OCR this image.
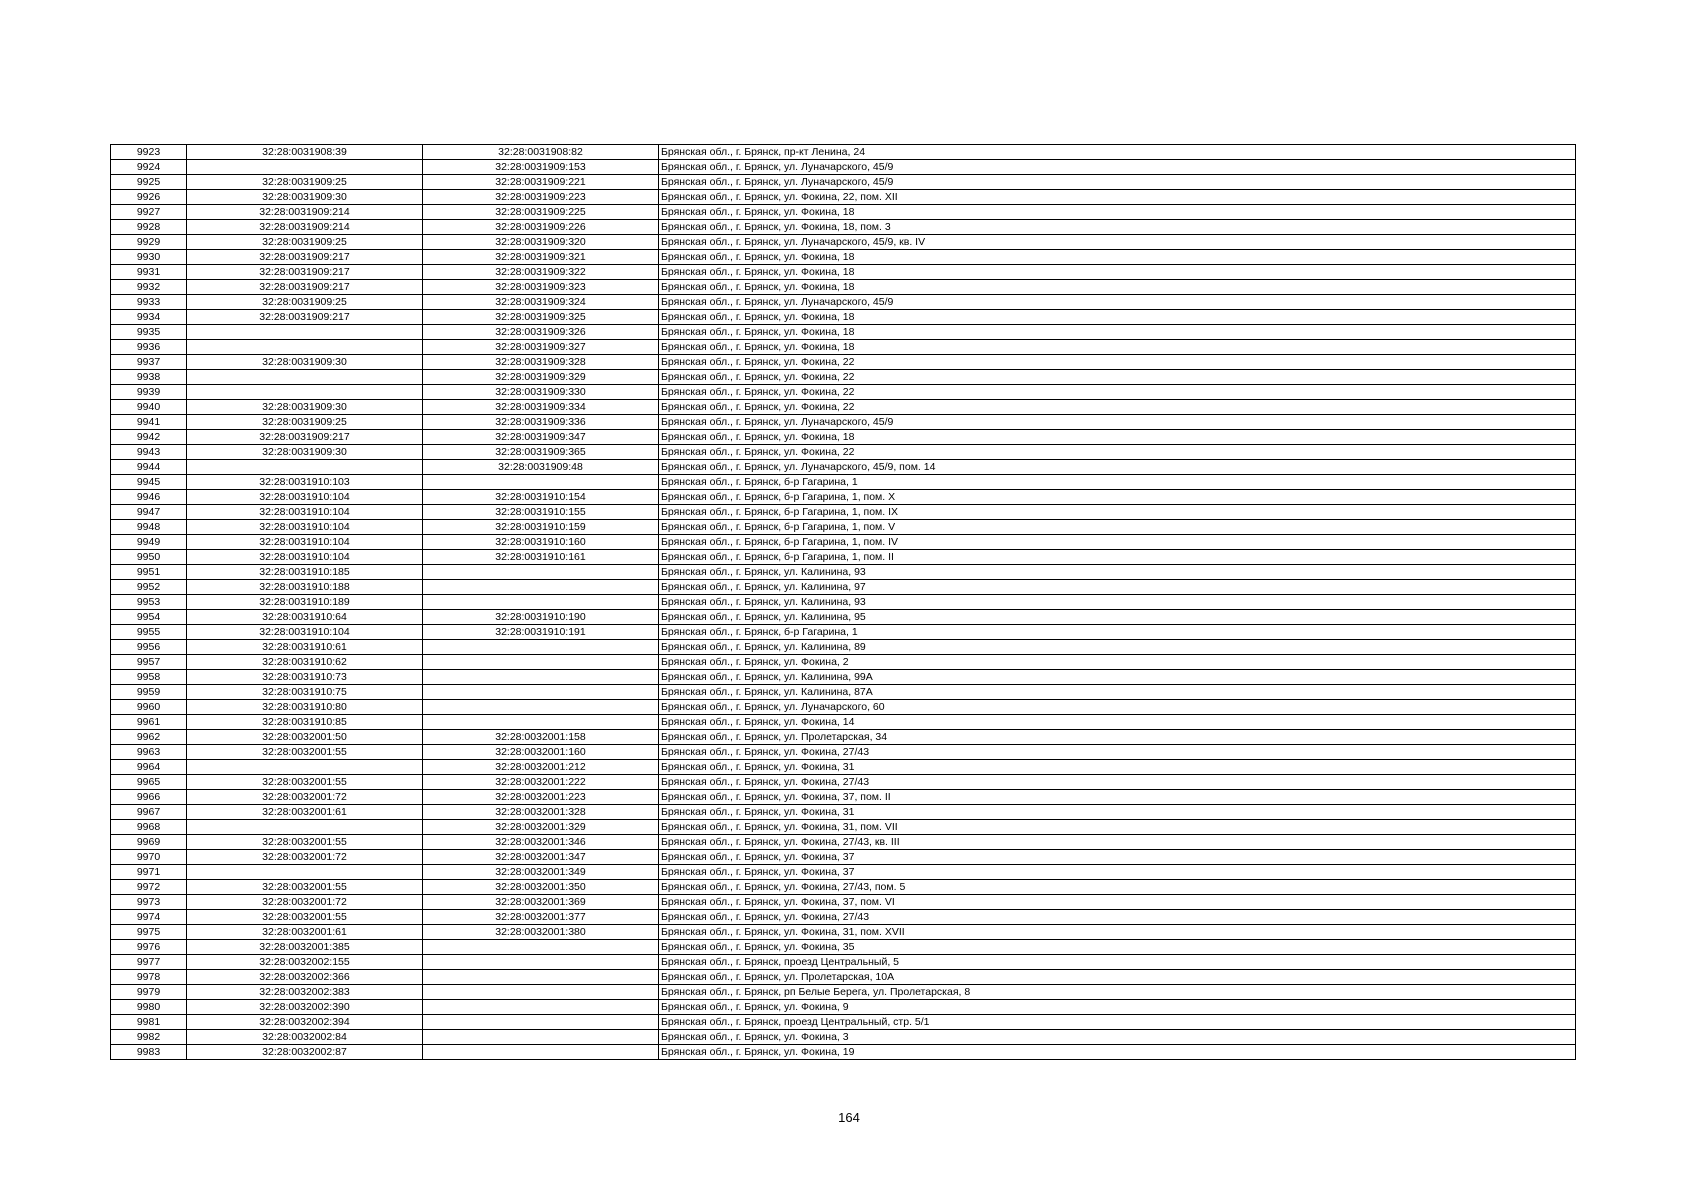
9923	32:28:0031908:39	32:28:0031908:82	Брянская обл., г. Брянск, пр-кт Ленина, 24
9924		32:28:0031909:153	Брянская обл., г. Брянск, ул. Луначарского, 45/9
9925	32:28:0031909:25	32:28:0031909:221	Брянская обл., г. Брянск, ул. Луначарского, 45/9
9926	32:28:0031909:30	32:28:0031909:223	Брянская обл., г. Брянск, ул. Фокина, 22, пом. XII
9927	32:28:0031909:214	32:28:0031909:225	Брянская обл., г. Брянск, ул. Фокина, 18
9928	32:28:0031909:214	32:28:0031909:226	Брянская обл., г. Брянск, ул. Фокина, 18, пом. 3
9929	32:28:0031909:25	32:28:0031909:320	Брянская обл., г. Брянск, ул. Луначарского, 45/9, кв. IV
9930	32:28:0031909:217	32:28:0031909:321	Брянская обл., г. Брянск, ул. Фокина, 18
9931	32:28:0031909:217	32:28:0031909:322	Брянская обл., г. Брянск, ул. Фокина, 18
9932	32:28:0031909:217	32:28:0031909:323	Брянская обл., г. Брянск, ул. Фокина, 18
9933	32:28:0031909:25	32:28:0031909:324	Брянская обл., г. Брянск, ул. Луначарского, 45/9
9934	32:28:0031909:217	32:28:0031909:325	Брянская обл., г. Брянск, ул. Фокина, 18
9935		32:28:0031909:326	Брянская обл., г. Брянск, ул. Фокина, 18
9936		32:28:0031909:327	Брянская обл., г. Брянск, ул. Фокина, 18
9937	32:28:0031909:30	32:28:0031909:328	Брянская обл., г. Брянск, ул. Фокина, 22
9938		32:28:0031909:329	Брянская обл., г. Брянск, ул. Фокина, 22
9939		32:28:0031909:330	Брянская обл., г. Брянск, ул. Фокина, 22
9940	32:28:0031909:30	32:28:0031909:334	Брянская обл., г. Брянск, ул. Фокина, 22
9941	32:28:0031909:25	32:28:0031909:336	Брянская обл., г. Брянск, ул. Луначарского, 45/9
9942	32:28:0031909:217	32:28:0031909:347	Брянская обл., г. Брянск, ул. Фокина, 18
9943	32:28:0031909:30	32:28:0031909:365	Брянская обл., г. Брянск, ул. Фокина, 22
9944		32:28:0031909:48	Брянская обл., г. Брянск, ул. Луначарского, 45/9, пом. 14
9945	32:28:0031910:103		Брянская обл., г. Брянск, б-р Гагарина, 1
9946	32:28:0031910:104	32:28:0031910:154	Брянская обл., г. Брянск, б-р Гагарина, 1, пом. X
9947	32:28:0031910:104	32:28:0031910:155	Брянская обл., г. Брянск, б-р Гагарина, 1, пом. IX
9948	32:28:0031910:104	32:28:0031910:159	Брянская обл., г. Брянск, б-р Гагарина, 1, пом. V
9949	32:28:0031910:104	32:28:0031910:160	Брянская обл., г. Брянск, б-р Гагарина, 1, пом. IV
9950	32:28:0031910:104	32:28:0031910:161	Брянская обл., г. Брянск, б-р Гагарина, 1, пом. II
9951	32:28:0031910:185		Брянская обл., г. Брянск, ул. Калинина, 93
9952	32:28:0031910:188		Брянская обл., г. Брянск, ул. Калинина, 97
9953	32:28:0031910:189		Брянская обл., г. Брянск, ул. Калинина, 93
9954	32:28:0031910:64	32:28:0031910:190	Брянская обл., г. Брянск, ул. Калинина, 95
9955	32:28:0031910:104	32:28:0031910:191	Брянская обл., г. Брянск, б-р Гагарина, 1
9956	32:28:0031910:61		Брянская обл., г. Брянск, ул. Калинина, 89
9957	32:28:0031910:62		Брянская обл., г. Брянск, ул. Фокина, 2
9958	32:28:0031910:73		Брянская обл., г. Брянск, ул. Калинина, 99А
9959	32:28:0031910:75		Брянская обл., г. Брянск, ул. Калинина, 87А
9960	32:28:0031910:80		Брянская обл., г. Брянск, ул. Луначарского, 60
9961	32:28:0031910:85		Брянская обл., г. Брянск, ул. Фокина, 14
9962	32:28:0032001:50	32:28:0032001:158	Брянская обл., г. Брянск, ул. Пролетарская, 34
9963	32:28:0032001:55	32:28:0032001:160	Брянская обл., г. Брянск, ул. Фокина, 27/43
9964		32:28:0032001:212	Брянская обл., г. Брянск, ул. Фокина, 31
9965	32:28:0032001:55	32:28:0032001:222	Брянская обл., г. Брянск, ул. Фокина, 27/43
9966	32:28:0032001:72	32:28:0032001:223	Брянская обл., г. Брянск, ул. Фокина, 37, пом. II
9967	32:28:0032001:61	32:28:0032001:328	Брянская обл., г. Брянск, ул. Фокина, 31
9968		32:28:0032001:329	Брянская обл., г. Брянск, ул. Фокина, 31, пом. VII
9969	32:28:0032001:55	32:28:0032001:346	Брянская обл., г. Брянск, ул. Фокина, 27/43, кв. III
9970	32:28:0032001:72	32:28:0032001:347	Брянская обл., г. Брянск, ул. Фокина, 37
9971		32:28:0032001:349	Брянская обл., г. Брянск, ул. Фокина, 37
9972	32:28:0032001:55	32:28:0032001:350	Брянская обл., г. Брянск, ул. Фокина, 27/43, пом. 5
9973	32:28:0032001:72	32:28:0032001:369	Брянская обл., г. Брянск, ул. Фокина, 37, пом. VI
9974	32:28:0032001:55	32:28:0032001:377	Брянская обл., г. Брянск, ул. Фокина, 27/43
9975	32:28:0032001:61	32:28:0032001:380	Брянская обл., г. Брянск, ул. Фокина, 31, пом. XVII
9976	32:28:0032001:385		Брянская обл., г. Брянск, ул. Фокина, 35
9977	32:28:0032002:155		Брянская обл., г. Брянск, проезд Центральный, 5
9978	32:28:0032002:366		Брянская обл., г. Брянск, ул. Пролетарская, 10А
9979	32:28:0032002:383		Брянская обл., г. Брянск, рп Белые Берега, ул. Пролетарская, 8
9980	32:28:0032002:390		Брянская обл., г. Брянск, ул. Фокина, 9
9981	32:28:0032002:394		Брянская обл., г. Брянск, проезд Центральный, стр. 5/1
9982	32:28:0032002:84		Брянская обл., г. Брянск, ул. Фокина, 3
9983	32:28:0032002:87		Брянская обл., г. Брянск, ул. Фокина, 19
164
